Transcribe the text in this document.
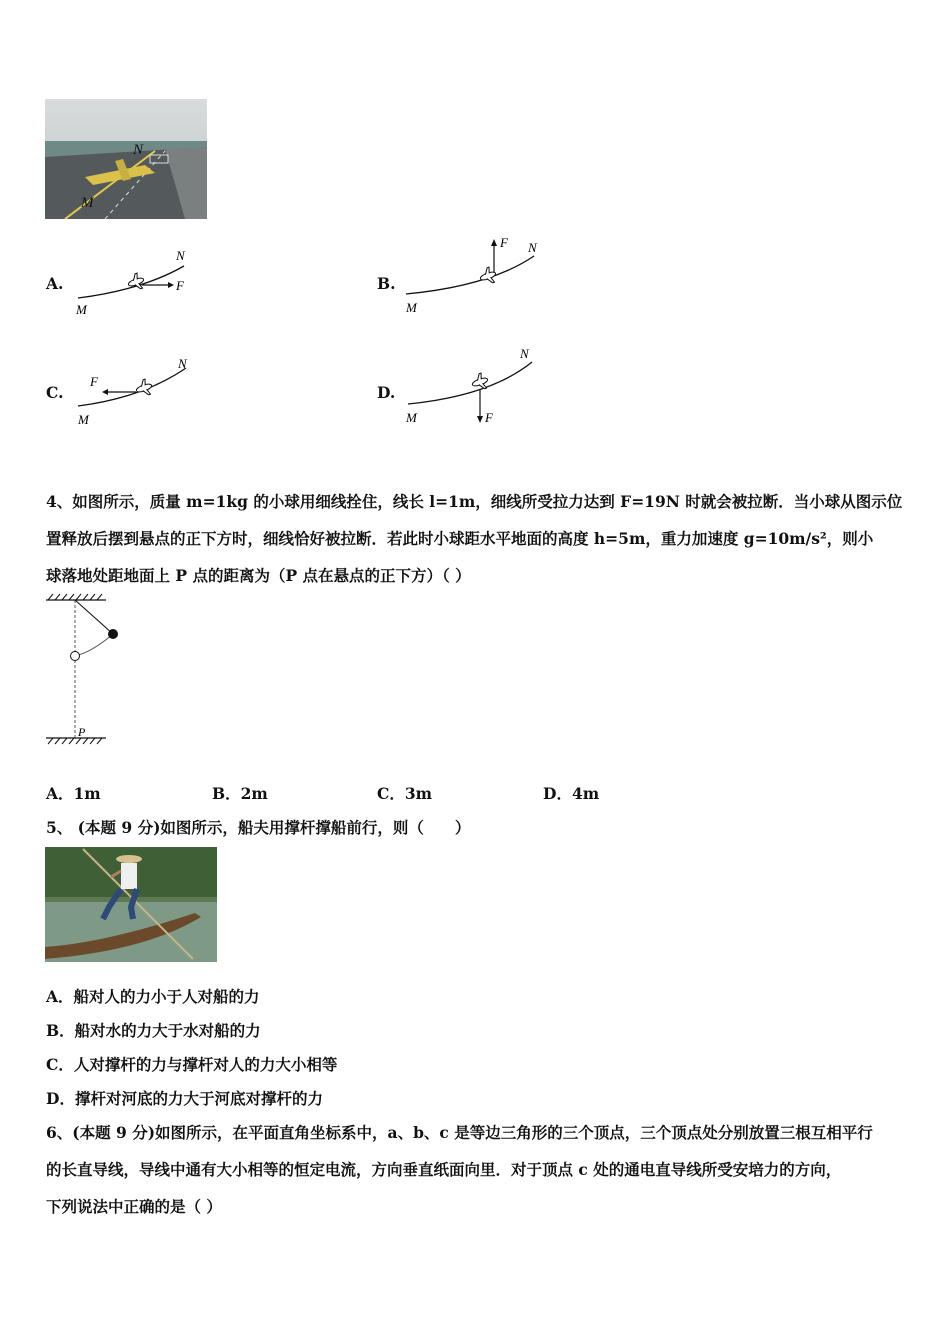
N
M
A.	F
N
M
B.
F N
M
C.
F
N
M
D.
F
N
M
4、如图所示，质量 m=1kg 的小球用细线拴住，线长 l=1m，细线所受拉力达到 F=19N 时就会被拉断．当小球从图示位
置释放后摆到悬点的正下方时，细线恰好被拉断．若此时小球距水平地面的高度 h=5m，重力加速度 g=10m/s²，则小
球落地处距地面上 P 点的距离为（P 点在悬点的正下方）（ ）
P
A．1m	B．2m	C．3m	D．4m
5、 (本题 9 分)如图所示，船夫用撑杆撑船前行，则（　　）
A．船对人的力小于人对船的力
B．船对水的力大于水对船的力
C．人对撑杆的力与撑杆对人的力大小相等
D．撑杆对河底的力大于河底对撑杆的力
6、(本题 9 分)如图所示，在平面直角坐标系中，a、b、c 是等边三角形的三个顶点，三个顶点处分别放置三根互相平行
的长直导线，导线中通有大小相等的恒定电流，方向垂直纸面向里．对于顶点 c 处的通电直导线所受安培力的方向，
下列说法中正确的是（ ）
